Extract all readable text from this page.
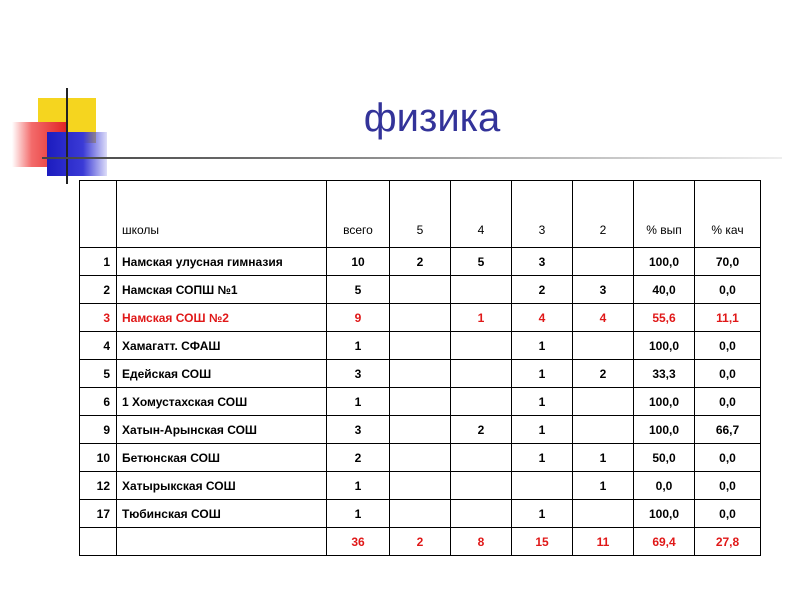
физика
	школы	всего	5	4	3	2	% вып	% кач
1	Намская улусная гимназия	10	2	5	3		100,0	70,0
2	Намская СОПШ №1	5			2	3	40,0	0,0
3	Намская СОШ №2	9		1	4	4	55,6	11,1
4	Хамагатт. СФАШ	1			1		100,0	0,0
5	Едейская СОШ	3			1	2	33,3	0,0
6	1 Хомустахская СОШ	1			1		100,0	0,0
9	Хатын-Арынская СОШ	3		2	1		100,0	66,7
10	Бетюнская СОШ	2			1	1	50,0	0,0
12	Хатырыкская СОШ	1				1	0,0	0,0
17	Тюбинская СОШ	1			1		100,0	0,0
		36	2	8	15	11	69,4	27,8
